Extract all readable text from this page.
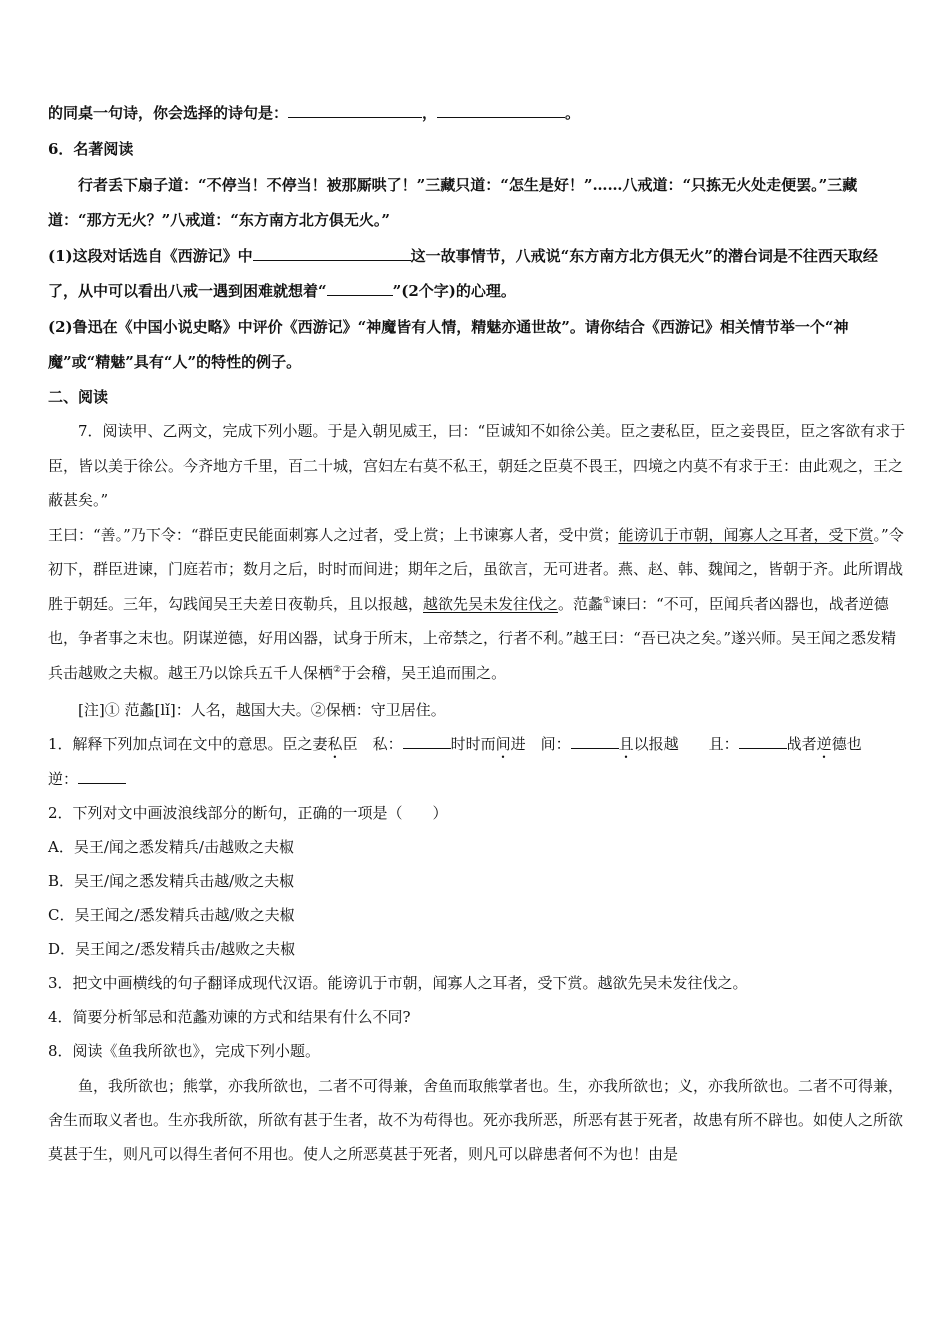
的同桌一句诗，你会选择的诗句是：	，	。

6．名著阅读

行者丢下扇子道：“不停当！不停当！被那厮哄了！”三藏只道：“怎生是好！”……八戒道：“只拣无火处走便罢。”三藏道：“那方无火？”八戒道：“东方南方北方俱无火。”

(1)这段对话选自《西游记》中	这一故事情节，八戒说“东方南方北方俱无火”的潜台词是不往西天取经了，从中可以看出八戒一遇到困难就想着“	”(2个字)的心理。

(2)鲁迅在《中国小说史略》中评价《西游记》“神魔皆有人情，精魅亦通世故”。请你结合《西游记》相关情节举一个“神魔”或“精魅”具有“人”的特性的例子。

二、阅读

7．阅读甲、乙两文，完成下列小题。于是入朝见威王，曰：“臣诚知不如徐公美。臣之妻私臣，臣之妾畏臣，臣之客欲有求于臣，皆以美于徐公。今齐地方千里，百二十城，宫妇左右莫不私王，朝廷之臣莫不畏王，四境之内莫不有求于王：由此观之，王之蔽甚矣。”

王曰：“善。”乃下令：“群臣吏民能面刺寡人之过者，受上赏；上书谏寡人者，受中赏；能谤讥于市朝，闻寡人之耳者，受下赏。”令初下，群臣进谏，门庭若市；数月之后，时时而间进；期年之后，虽欲言，无可进者。燕、赵、韩、魏闻之，皆朝于齐。此所谓战胜于朝廷。三年，勾践闻吴王夫差日夜勒兵，且以报越，越欲先吴未发往伐之。范蠡①谏曰：“不可，臣闻兵者凶器也，战者逆德也，争者事之末也。阴谋逆德，好用凶器，试身于所末，上帝禁之，行者不利。”越王曰：“吾已决之矣。”遂兴师。吴王闻之悉发精兵击越败之夫椒。越王乃以馀兵五千人保栖②于会稽，吴王追而围之。

[注]① 范蠡[lǐ]：人名，越国大夫。②保栖：守卫居住。

1．解释下列加点词在文中的意思。臣之妻私臣　私：	时时而间进　间：	且以报越　　且：	战者逆德也　逆：

2．下列对文中画波浪线部分的断句，正确的一项是（　　）

A．吴王/闻之悉发精兵/击越败之夫椒

B．吴王/闻之悉发精兵击越/败之夫椒

C．吴王闻之/悉发精兵击越/败之夫椒

D．吴王闻之/悉发精兵击/越败之夫椒

3．把文中画横线的句子翻译成现代汉语。能谤讥于市朝，闻寡人之耳者，受下赏。越欲先吴未发往伐之。

4．简要分析邹忌和范蠡劝谏的方式和结果有什么不同?

8．阅读《鱼我所欲也》，完成下列小题。

鱼，我所欲也；熊掌，亦我所欲也，二者不可得兼，舍鱼而取熊掌者也。生，亦我所欲也；义，亦我所欲也。二者不可得兼，舍生而取义者也。生亦我所欲，所欲有甚于生者，故不为苟得也。死亦我所恶，所恶有甚于死者，故患有所不辟也。如使人之所欲莫甚于生，则凡可以得生者何不用也。使人之所恶莫甚于死者，则凡可以辟患者何不为也！由是
